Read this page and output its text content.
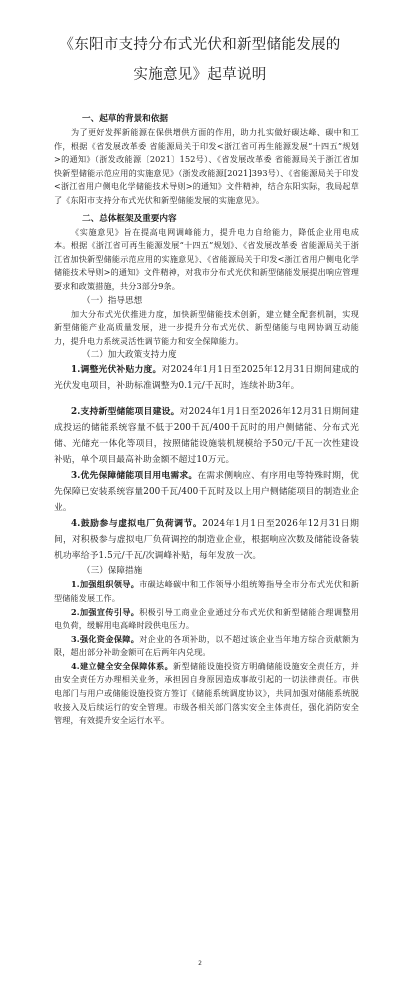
《东阳市支持分布式光伏和新型储能发展的
实施意见》起草说明
一、起草的背景和依据

为了更好发挥新能源在保供增供方面的作用，助力扎实做好碳达峰、碳中和工作，根据《省发展改革委 省能源局关于印发<浙江省可再生能源发展“十四五”规划>的通知》（浙发改能源〔2021〕152号）、《省发展改革委 省能源局关于浙江省加快新型储能示范应用的实施意见》（浙发改能源[2021]393号）、《省能源局关于印发<浙江省用户侧电化学储能技术导则>的通知》文件精神，结合东阳实际，我局起草了《东阳市支持分布式光伏和新型储能发展的实施意见》。

二、总体框架及重要内容

《实施意见》旨在提高电网调峰能力，提升电力自给能力，降低企业用电成本。根据《浙江省可再生能源发展“十四五”规划》、《省发展改革委 省能源局关于浙江省加快新型储能示范应用的实施意见》、《省能源局关于印发<浙江省用户侧电化学储能技术导则>的通知》文件精神，对我市分布式光伏和新型储能发展提出响应管理要求和政策措施，共分3部分9条。

（一）指导思想

加大分布式光伏推进力度，加快新型储能技术创新，建立健全配套机制，实现新型储能产业高质量发展，进一步提升分布式光伏、新型储能与电网协调互动能力，提升电力系统灵活性调节能力和安全保障能力。

（二）加大政策支持力度

1.调整光伏补贴力度。对2024年1月1日至2025年12月31日期间建成的光伏发电项目，补助标准调整为0.1元/千瓦时，连续补助3年。

2.支持新型储能项目建设。对2024年1月1日至2026年12月31日期间建成投运的储能系统容量不低于200千瓦/400千瓦时的用户侧储能、分布式光储、光储充一体化等项目，按照储能设施装机规模给予50元/千瓦一次性建设补贴，单个项目最高补助金额不超过10万元。

3.优先保障储能项目用电需求。在需求侧响应、有序用电等特殊时期，优先保障已安装系统容量200千瓦/400千瓦时及以上用户侧储能项目的制造业企业。

4.鼓励参与虚拟电厂负荷调节。2024年1月1日至2026年12月31日期间，对积极参与虚拟电厂负荷调控的制造业企业，根据响应次数及储能设备装机功率给予1.5元/千瓦/次调峰补贴，每年发放一次。

（三）保障措施

1.加强组织领导。市碳达峰碳中和工作领导小组统筹指导全市分布式光伏和新型储能发展工作。

2.加强宣传引导。积极引导工商业企业通过分布式光伏和新型储能合理调整用电负荷，缓解用电高峰时段供电压力。

3.强化资金保障。对企业的各项补助，以不超过该企业当年地方综合贡献额为限，超出部分补助金额可在后两年内兑现。

4.建立健全安全保障体系。新型储能设施投资方明确储能设施安全责任方，并由安全责任方办理相关业务，承担因自身原因造成事故引起的一切法律责任。市供电部门与用户或储能设施投资方签订《储能系统调度协议》，共同加强对储能系统脱收接入及后续运行的安全管理。市级各相关部门落实安全主体责任，强化消防安全管理，有效提升安全运行水平。

2
